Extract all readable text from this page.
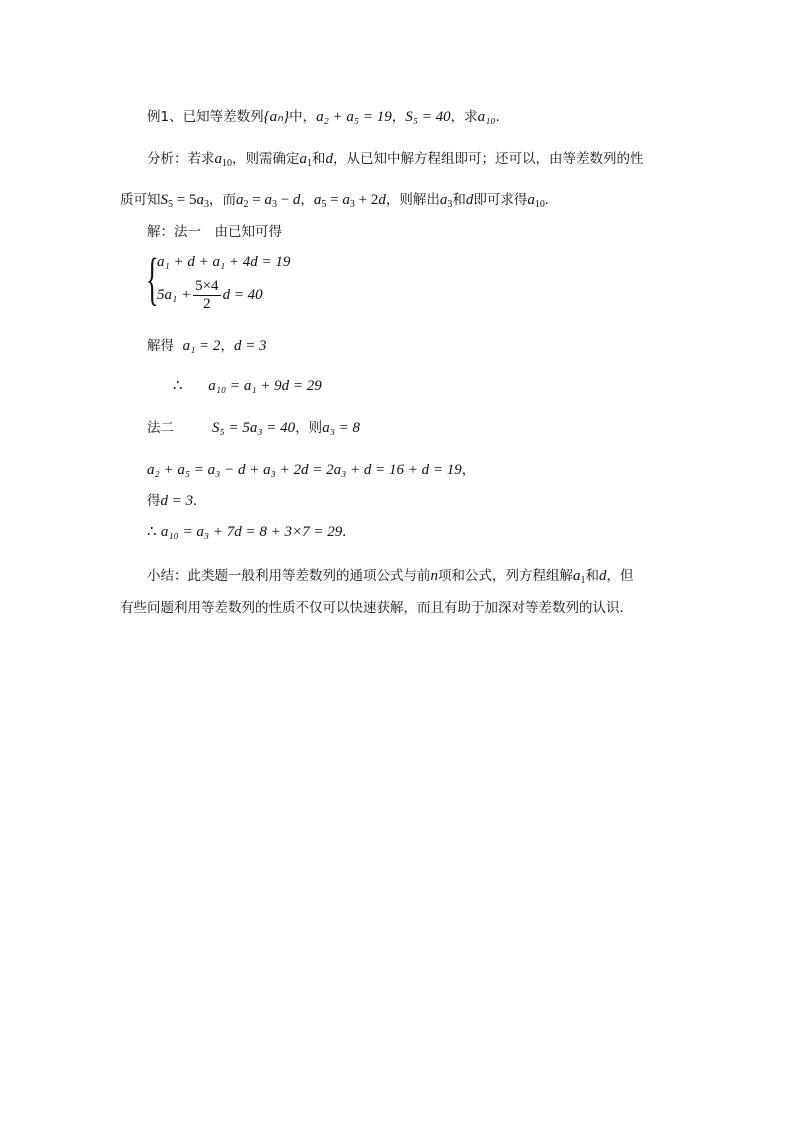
例1、已知等差数列{aₙ}中，a₂ + a₅ = 19，S₅ = 40，求a₁₀.
分析：若求$a_{10}$，则需确定$a_1$和d，从已知中解方程组即可；还可以，由等差数列的性
质可知$S_5 = 5a_3$，而$a_2 = a_3 - d$，$a_5 = a_3 + 2d$，则解出$a_3$和d即可求得$a_{10}$.
解：法一　由已知可得
{
a₁ + d + a₁ + 4d = 19
$5a_1 + \frac{5\times 4}{2}$ d = 40
解得 a₁ = 2，d = 3
∴ a₁₀ = a₁ + 9d = 29
法二	S₅ = 5a₃ = 40，则a₃ = 8
a₂ + a₅ = a₃ − d + a₃ + 2d = 2a₃ + d = 16 + d = 19，
得d = 3.
∴ a₁₀ = a₃ + 7d = 8 + 3×7 = 29.
小结：此类题一般利用等差数列的通项公式与前n项和公式，列方程组解$a_1$和d，但
有些问题利用等差数列的性质不仅可以快速获解，而且有助于加深对等差数列的认识．
